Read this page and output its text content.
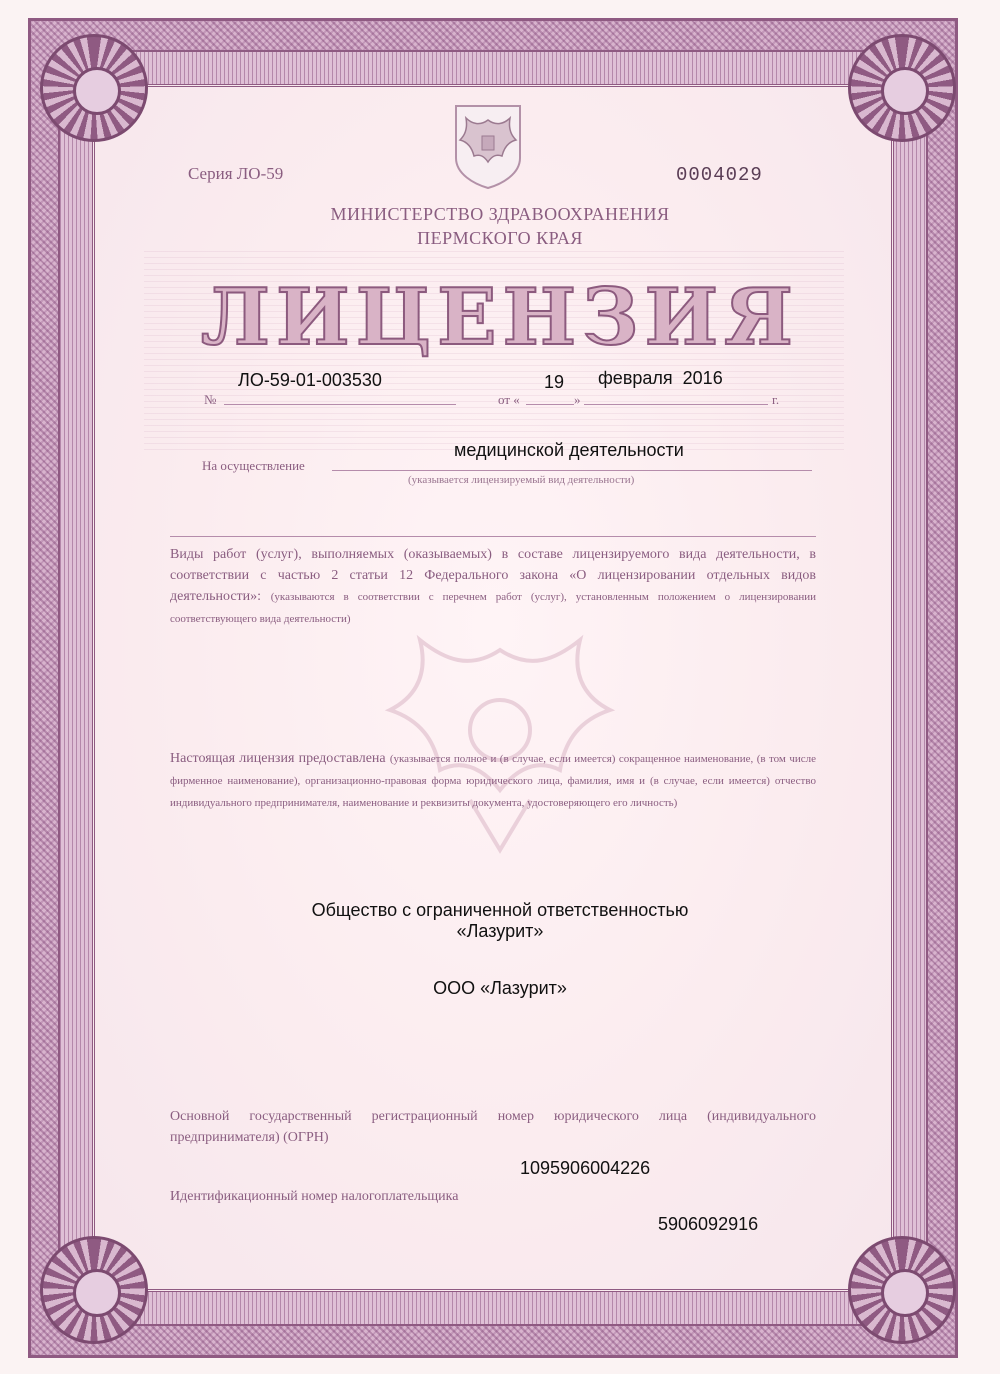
Серия ЛО-59	0004029
МИНИСТЕРСТВО ЗДРАВООХРАНЕНИЯ
ПЕРМСКОГО КРАЯ
ЛИЦЕНЗИЯ
№
ЛО-59-01-003530
от «
19
»
февраля  2016
г.
На осуществление
медицинской деятельности
(указывается лицензируемый вид деятельности)
Виды работ (услуг), выполняемых (оказываемых) в составе лицензируемого вида деятельности, в соответствии с частью 2 статьи 12 Федерального закона «О лицензировании отдельных видов деятельности»: (указываются в соответствии с перечнем работ (услуг), установленным положением о лицензировании соответствующего вида деятельности)
Настоящая лицензия предоставлена (указывается полное и (в случае, если имеется) сокращенное наименование, (в том числе фирменное наименование), организационно-правовая форма юридического лица, фамилия, имя и (в случае, если имеется) отчество индивидуального предпринимателя, наименование и реквизиты документа, удостоверяющего его личность)
Общество с ограниченной ответственностью
«Лазурит»
ООО «Лазурит»
Основной государственный регистрационный номер юридического лица (индивидуального предпринимателя) (ОГРН)
1095906004226
Идентификационный номер налогоплательщика
5906092916
